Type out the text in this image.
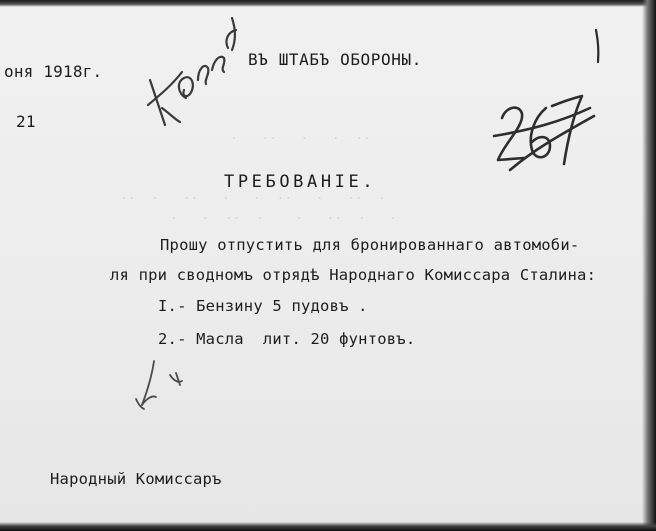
.  ..   .   ..  .   .   ..   .  ..
.   .  ..   .    .  ..  .   .
..  .   .   ..   .
оня 1918г.
21
ВЪ ШТАБЪ ОБОРОНЫ.
ТРЕБОВАНIЕ.
Прошу отпустить для бронированнаго автомоби-
ля при сводномъ отрядѣ Народнаго Комиссара Сталина:
I.- Бензину 5 пудовъ .
2.- Масла  лит. 20 фунтовъ.
Народный Комиссаръ
